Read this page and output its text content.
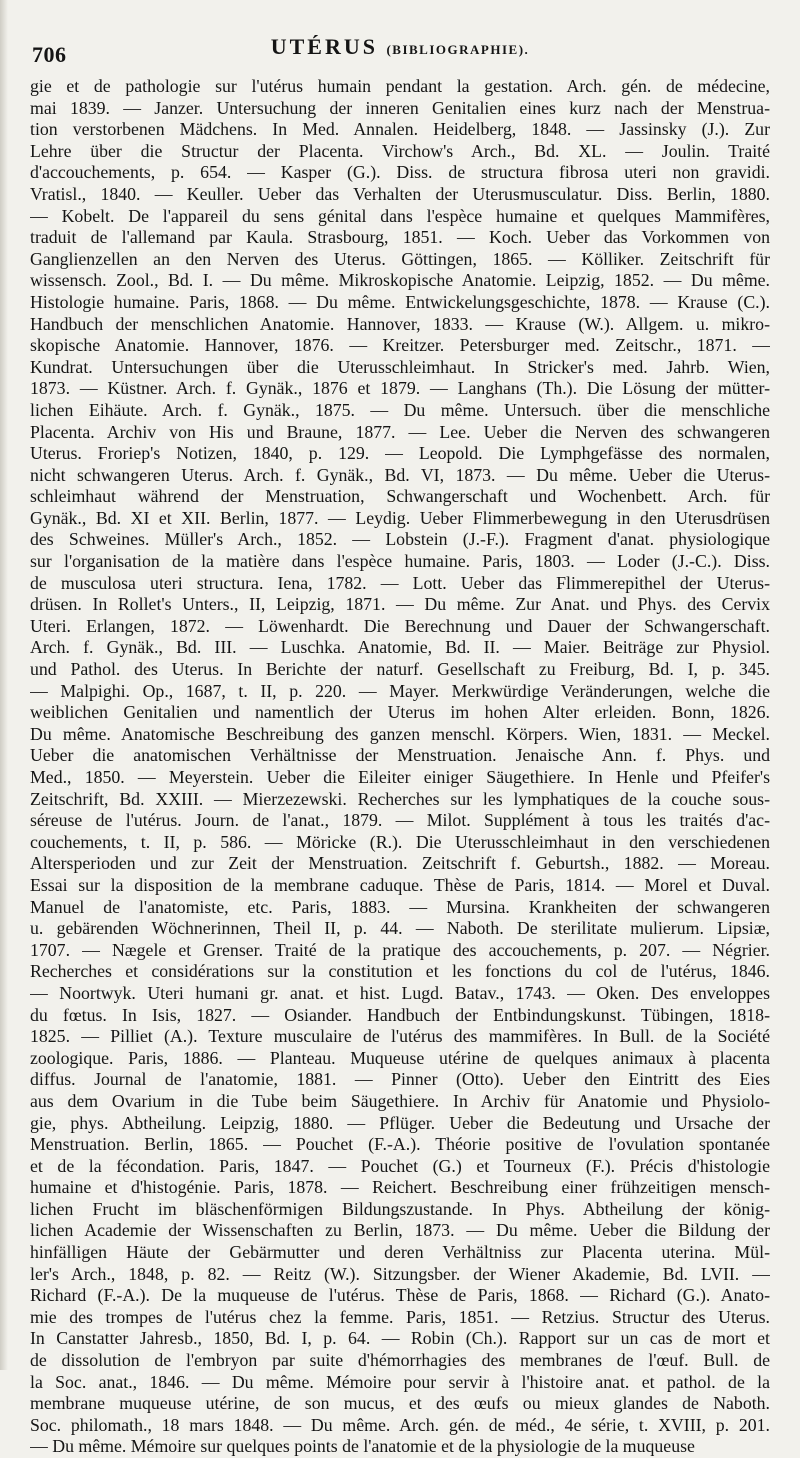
706	UTÉRUS (BIBLIOGRAPHIE).
gie et de pathologie sur l'utérus humain pendant la gestation. Arch. gén. de médecine,
mai 1839. — Janzer. Untersuchung der inneren Genitalien eines kurz nach der Menstrua-
tion verstorbenen Mädchens. In Med. Annalen. Heidelberg, 1848. — Jassinsky (J.). Zur
Lehre über die Structur der Placenta. Virchow's Arch., Bd. XL. — Joulin. Traité
d'accouchements, p. 654. — Kasper (G.). Diss. de structura fibrosa uteri non gravidi.
Vratisl., 1840. — Keuller. Ueber das Verhalten der Uterusmusculatur. Diss. Berlin, 1880.
— Kobelt. De l'appareil du sens génital dans l'espèce humaine et quelques Mammifères,
traduit de l'allemand par Kaula. Strasbourg, 1851. — Koch. Ueber das Vorkommen von
Ganglienzellen an den Nerven des Uterus. Göttingen, 1865. — Kölliker. Zeitschrift für
wissensch. Zool., Bd. I. — Du même. Mikroskopische Anatomie. Leipzig, 1852. — Du même.
Histologie humaine. Paris, 1868. — Du même. Entwickelungsgeschichte, 1878. — Krause (C.).
Handbuch der menschlichen Anatomie. Hannover, 1833. — Krause (W.). Allgem. u. mikro-
skopische Anatomie. Hannover, 1876. — Kreitzer. Petersburger med. Zeitschr., 1871. —
Kundrat. Untersuchungen über die Uterusschleimhaut. In Stricker's med. Jahrb. Wien,
1873. — Küstner. Arch. f. Gynäk., 1876 et 1879. — Langhans (Th.). Die Lösung der mütter-
lichen Eihäute. Arch. f. Gynäk., 1875. — Du même. Untersuch. über die menschliche
Placenta. Archiv von His und Braune, 1877. — Lee. Ueber die Nerven des schwangeren
Uterus. Froriep's Notizen, 1840, p. 129. — Leopold. Die Lymphgefässe des normalen,
nicht schwangeren Uterus. Arch. f. Gynäk., Bd. VI, 1873. — Du même. Ueber die Uterus-
schleimhaut während der Menstruation, Schwangerschaft und Wochenbett. Arch. für
Gynäk., Bd. XI et XII. Berlin, 1877. — Leydig. Ueber Flimmerbewegung in den Uterusdrüsen
des Schweines. Müller's Arch., 1852. — Lobstein (J.-F.). Fragment d'anat. physiologique
sur l'organisation de la matière dans l'espèce humaine. Paris, 1803. — Loder (J.-C.). Diss.
de musculosa uteri structura. Iena, 1782. — Lott. Ueber das Flimmerepithel der Uterus-
drüsen. In Rollet's Unters., II, Leipzig, 1871. — Du même. Zur Anat. und Phys. des Cervix
Uteri. Erlangen, 1872. — Löwenhardt. Die Berechnung und Dauer der Schwangerschaft.
Arch. f. Gynäk., Bd. III. — Luschka. Anatomie, Bd. II. — Maier. Beiträge zur Physiol.
und Pathol. des Uterus. In Berichte der naturf. Gesellschaft zu Freiburg, Bd. I, p. 345.
— Malpighi. Op., 1687, t. II, p. 220. — Mayer. Merkwürdige Veränderungen, welche die
weiblichen Genitalien und namentlich der Uterus im hohen Alter erleiden. Bonn, 1826.
Du même. Anatomische Beschreibung des ganzen menschl. Körpers. Wien, 1831. — Meckel.
Ueber die anatomischen Verhältnisse der Menstruation. Jenaische Ann. f. Phys. und
Med., 1850. — Meyerstein. Ueber die Eileiter einiger Säugethiere. In Henle und Pfeifer's
Zeitschrift, Bd. XXIII. — Mierzezewski. Recherches sur les lymphatiques de la couche sous-
séreuse de l'utérus. Journ. de l'anat., 1879. — Milot. Supplément à tous les traités d'ac-
couchements, t. II, p. 586. — Möricke (R.). Die Uterusschleimhaut in den verschiedenen
Altersperioden und zur Zeit der Menstruation. Zeitschrift f. Geburtsh., 1882. — Moreau.
Essai sur la disposition de la membrane caduque. Thèse de Paris, 1814. — Morel et Duval.
Manuel de l'anatomiste, etc. Paris, 1883. — Mursina. Krankheiten der schwangeren
u. gebärenden Wöchnerinnen, Theil II, p. 44. — Naboth. De sterilitate mulierum. Lipsiæ,
1707. — Nægele et Grenser. Traité de la pratique des accouchements, p. 207. — Négrier.
Recherches et considérations sur la constitution et les fonctions du col de l'utérus, 1846.
— Noortwyk. Uteri humani gr. anat. et hist. Lugd. Batav., 1743. — Oken. Des enveloppes
du fœtus. In Isis, 1827. — Osiander. Handbuch der Entbindungskunst. Tübingen, 1818-
1825. — Pilliet (A.). Texture musculaire de l'utérus des mammifères. In Bull. de la Société
zoologique. Paris, 1886. — Planteau. Muqueuse utérine de quelques animaux à placenta
diffus. Journal de l'anatomie, 1881. — Pinner (Otto). Ueber den Eintritt des Eies
aus dem Ovarium in die Tube beim Säugethiere. In Archiv für Anatomie und Physiolo-
gie, phys. Abtheilung. Leipzig, 1880. — Pflüger. Ueber die Bedeutung und Ursache der
Menstruation. Berlin, 1865. — Pouchet (F.-A.). Théorie positive de l'ovulation spontanée
et de la fécondation. Paris, 1847. — Pouchet (G.) et Tourneux (F.). Précis d'histologie
humaine et d'histogénie. Paris, 1878. — Reichert. Beschreibung einer frühzeitigen mensch-
lichen Frucht im bläschenförmigen Bildungszustande. In Phys. Abtheilung der könig-
lichen Academie der Wissenschaften zu Berlin, 1873. — Du même. Ueber die Bildung der
hinfälligen Häute der Gebärmutter und deren Verhältniss zur Placenta uterina. Mül-
ler's Arch., 1848, p. 82. — Reitz (W.). Sitzungsber. der Wiener Akademie, Bd. LVII. —
Richard (F.-A.). De la muqueuse de l'utérus. Thèse de Paris, 1868. — Richard (G.). Anato-
mie des trompes de l'utérus chez la femme. Paris, 1851. — Retzius. Structur des Uterus.
In Canstatter Jahresb., 1850, Bd. I, p. 64. — Robin (Ch.). Rapport sur un cas de mort et
de dissolution de l'embryon par suite d'hémorrhagies des membranes de l'œuf. Bull. de
la Soc. anat., 1846. — Du même. Mémoire pour servir à l'histoire anat. et pathol. de la
membrane muqueuse utérine, de son mucus, et des œufs ou mieux glandes de Naboth.
Soc. philomath., 18 mars 1848. — Du même. Arch. gén. de méd., 4e série, t. XVIII, p. 201.
— Du même. Mémoire sur quelques points de l'anatomie et de la physiologie de la muqueuse
